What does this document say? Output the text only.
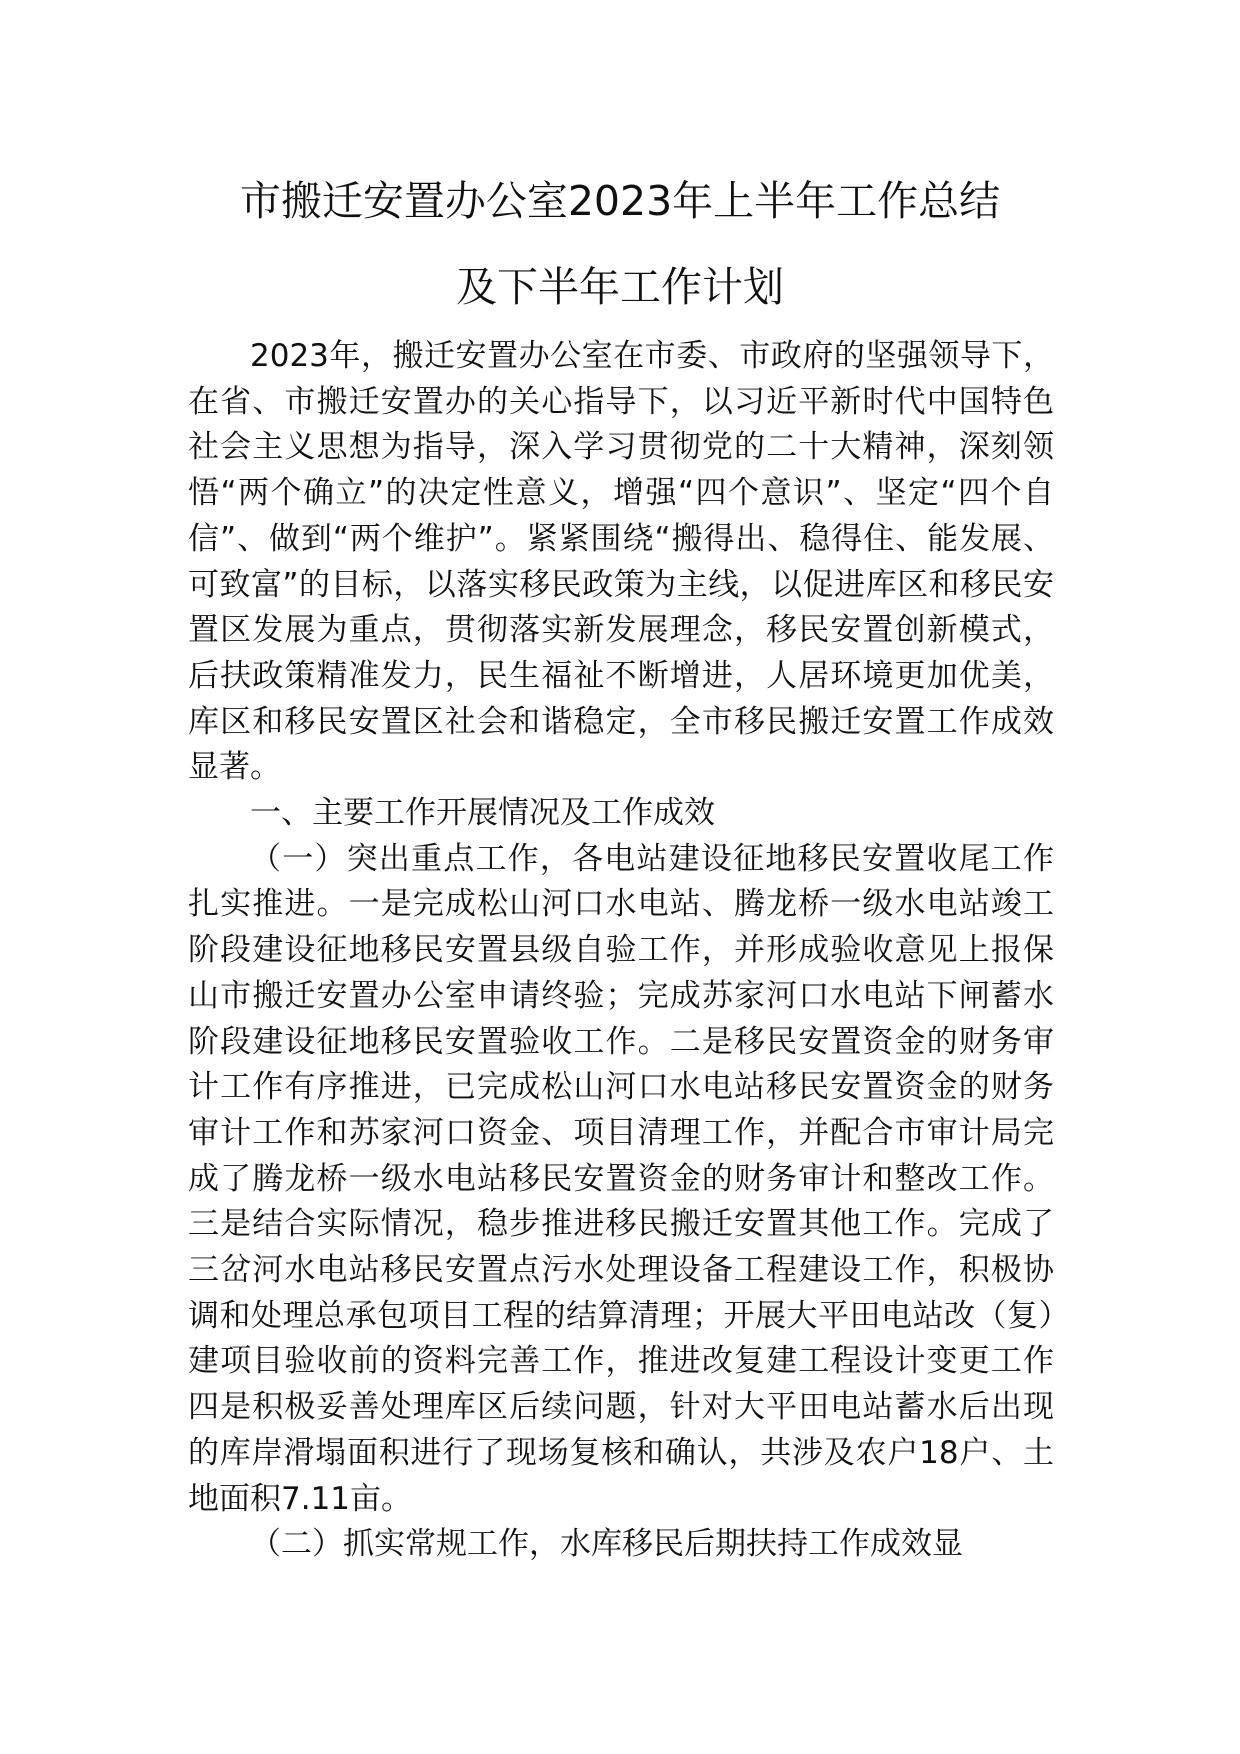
市搬迁安置办公室2023年上半年工作总结
及下半年工作计划

2023年，搬迁安置办公室在市委、市政府的坚强领导下，在省、市搬迁安置办的关心指导下，以习近平新时代中国特色社会主义思想为指导，深入学习贯彻党的二十大精神，深刻领悟“两个确立”的决定性意义，增强“四个意识”、坚定“四个自信”、做到“两个维护”。紧紧围绕“搬得出、稳得住、能发展、可致富”的目标，以落实移民政策为主线，以促进库区和移民安置区发展为重点，贯彻落实新发展理念，移民安置创新模式，后扶政策精准发力，民生福祉不断增进，人居环境更加优美，库区和移民安置区社会和谐稳定，全市移民搬迁安置工作成效显著。

一、主要工作开展情况及工作成效

（一）突出重点工作，各电站建设征地移民安置收尾工作扎实推进。一是完成松山河口水电站、腾龙桥一级水电站竣工阶段建设征地移民安置县级自验工作，并形成验收意见上报保山市搬迁安置办公室申请终验；完成苏家河口水电站下闸蓄水阶段建设征地移民安置验收工作。二是移民安置资金的财务审计工作有序推进，已完成松山河口水电站移民安置资金的财务审计工作和苏家河口资金、项目清理工作，并配合市审计局完成了腾龙桥一级水电站移民安置资金的财务审计和整改工作。三是结合实际情况，稳步推进移民搬迁安置其他工作。完成了三岔河水电站移民安置点污水处理设备工程建设工作，积极协调和处理总承包项目工程的结算清理；开展大平田电站改（复）建项目验收前的资料完善工作，推进改复建工程设计变更工作四是积极妥善处理库区后续问题，针对大平田电站蓄水后出现的库岸滑塌面积进行了现场复核和确认，共涉及农户18户、土地面积7.11亩。

（二）抓实常规工作，水库移民后期扶持工作成效显
